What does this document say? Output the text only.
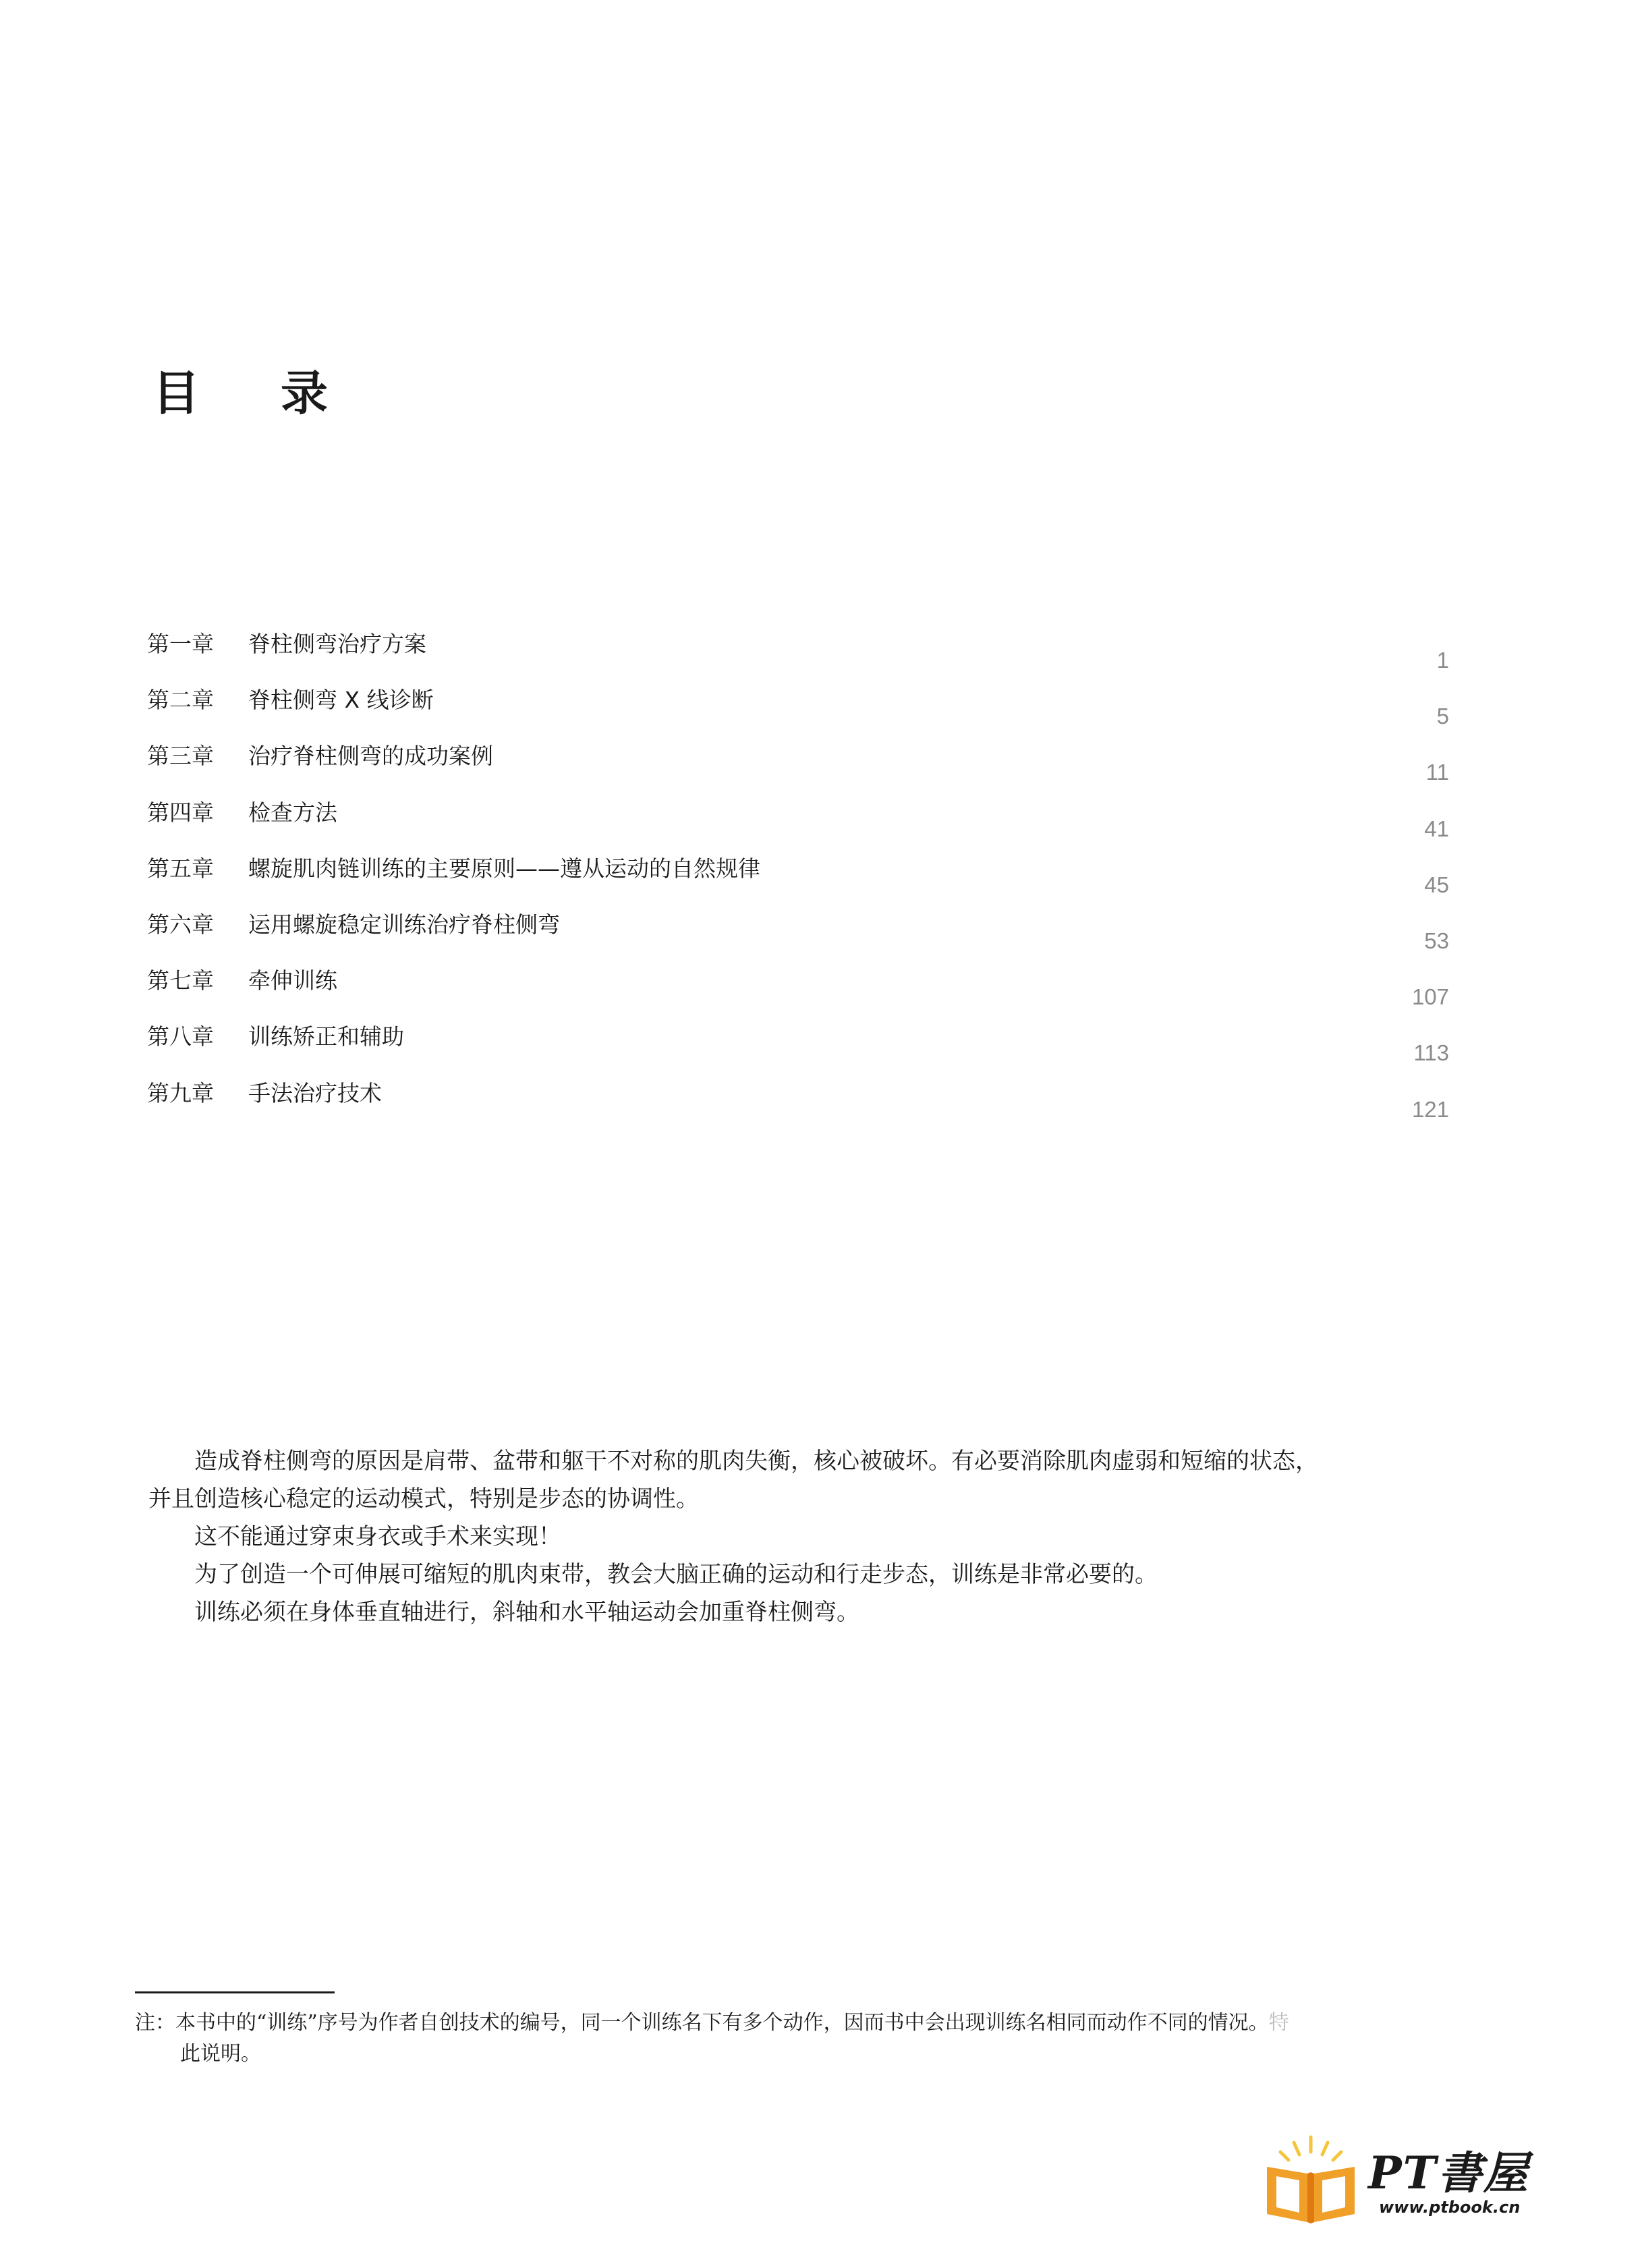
目 录
第一章 脊柱侧弯治疗方案
1
第二章 脊柱侧弯 X 线诊断
5
第三章 治疗脊柱侧弯的成功案例
11
第四章 检查方法
41
第五章 螺旋肌肉链训练的主要原则——遵从运动的自然规律
45
第六章 运用螺旋稳定训练治疗脊柱侧弯
53
第七章 牵伸训练
107
第八章 训练矫正和辅助
113
第九章 手法治疗技术
121

造成脊柱侧弯的原因是肩带、盆带和躯干不对称的肌肉失衡，核心被破坏。有必要消除肌肉虚弱和短缩的状态，

并且创造核心稳定的运动模式，特别是步态的协调性。

这不能通过穿束身衣或手术来实现！

为了创造一个可伸展可缩短的肌肉束带，教会大脑正确的运动和行走步态，训练是非常必要的。

训练必须在身体垂直轴进行，斜轴和水平轴运动会加重脊柱侧弯。

注：本书中的“训练”序号为作者自创技术的编号，同一个训练名下有多个动作，因而书中会出现训练名相同而动作不同的情况。特
此说明。
PT書屋
www.ptbook.cn
